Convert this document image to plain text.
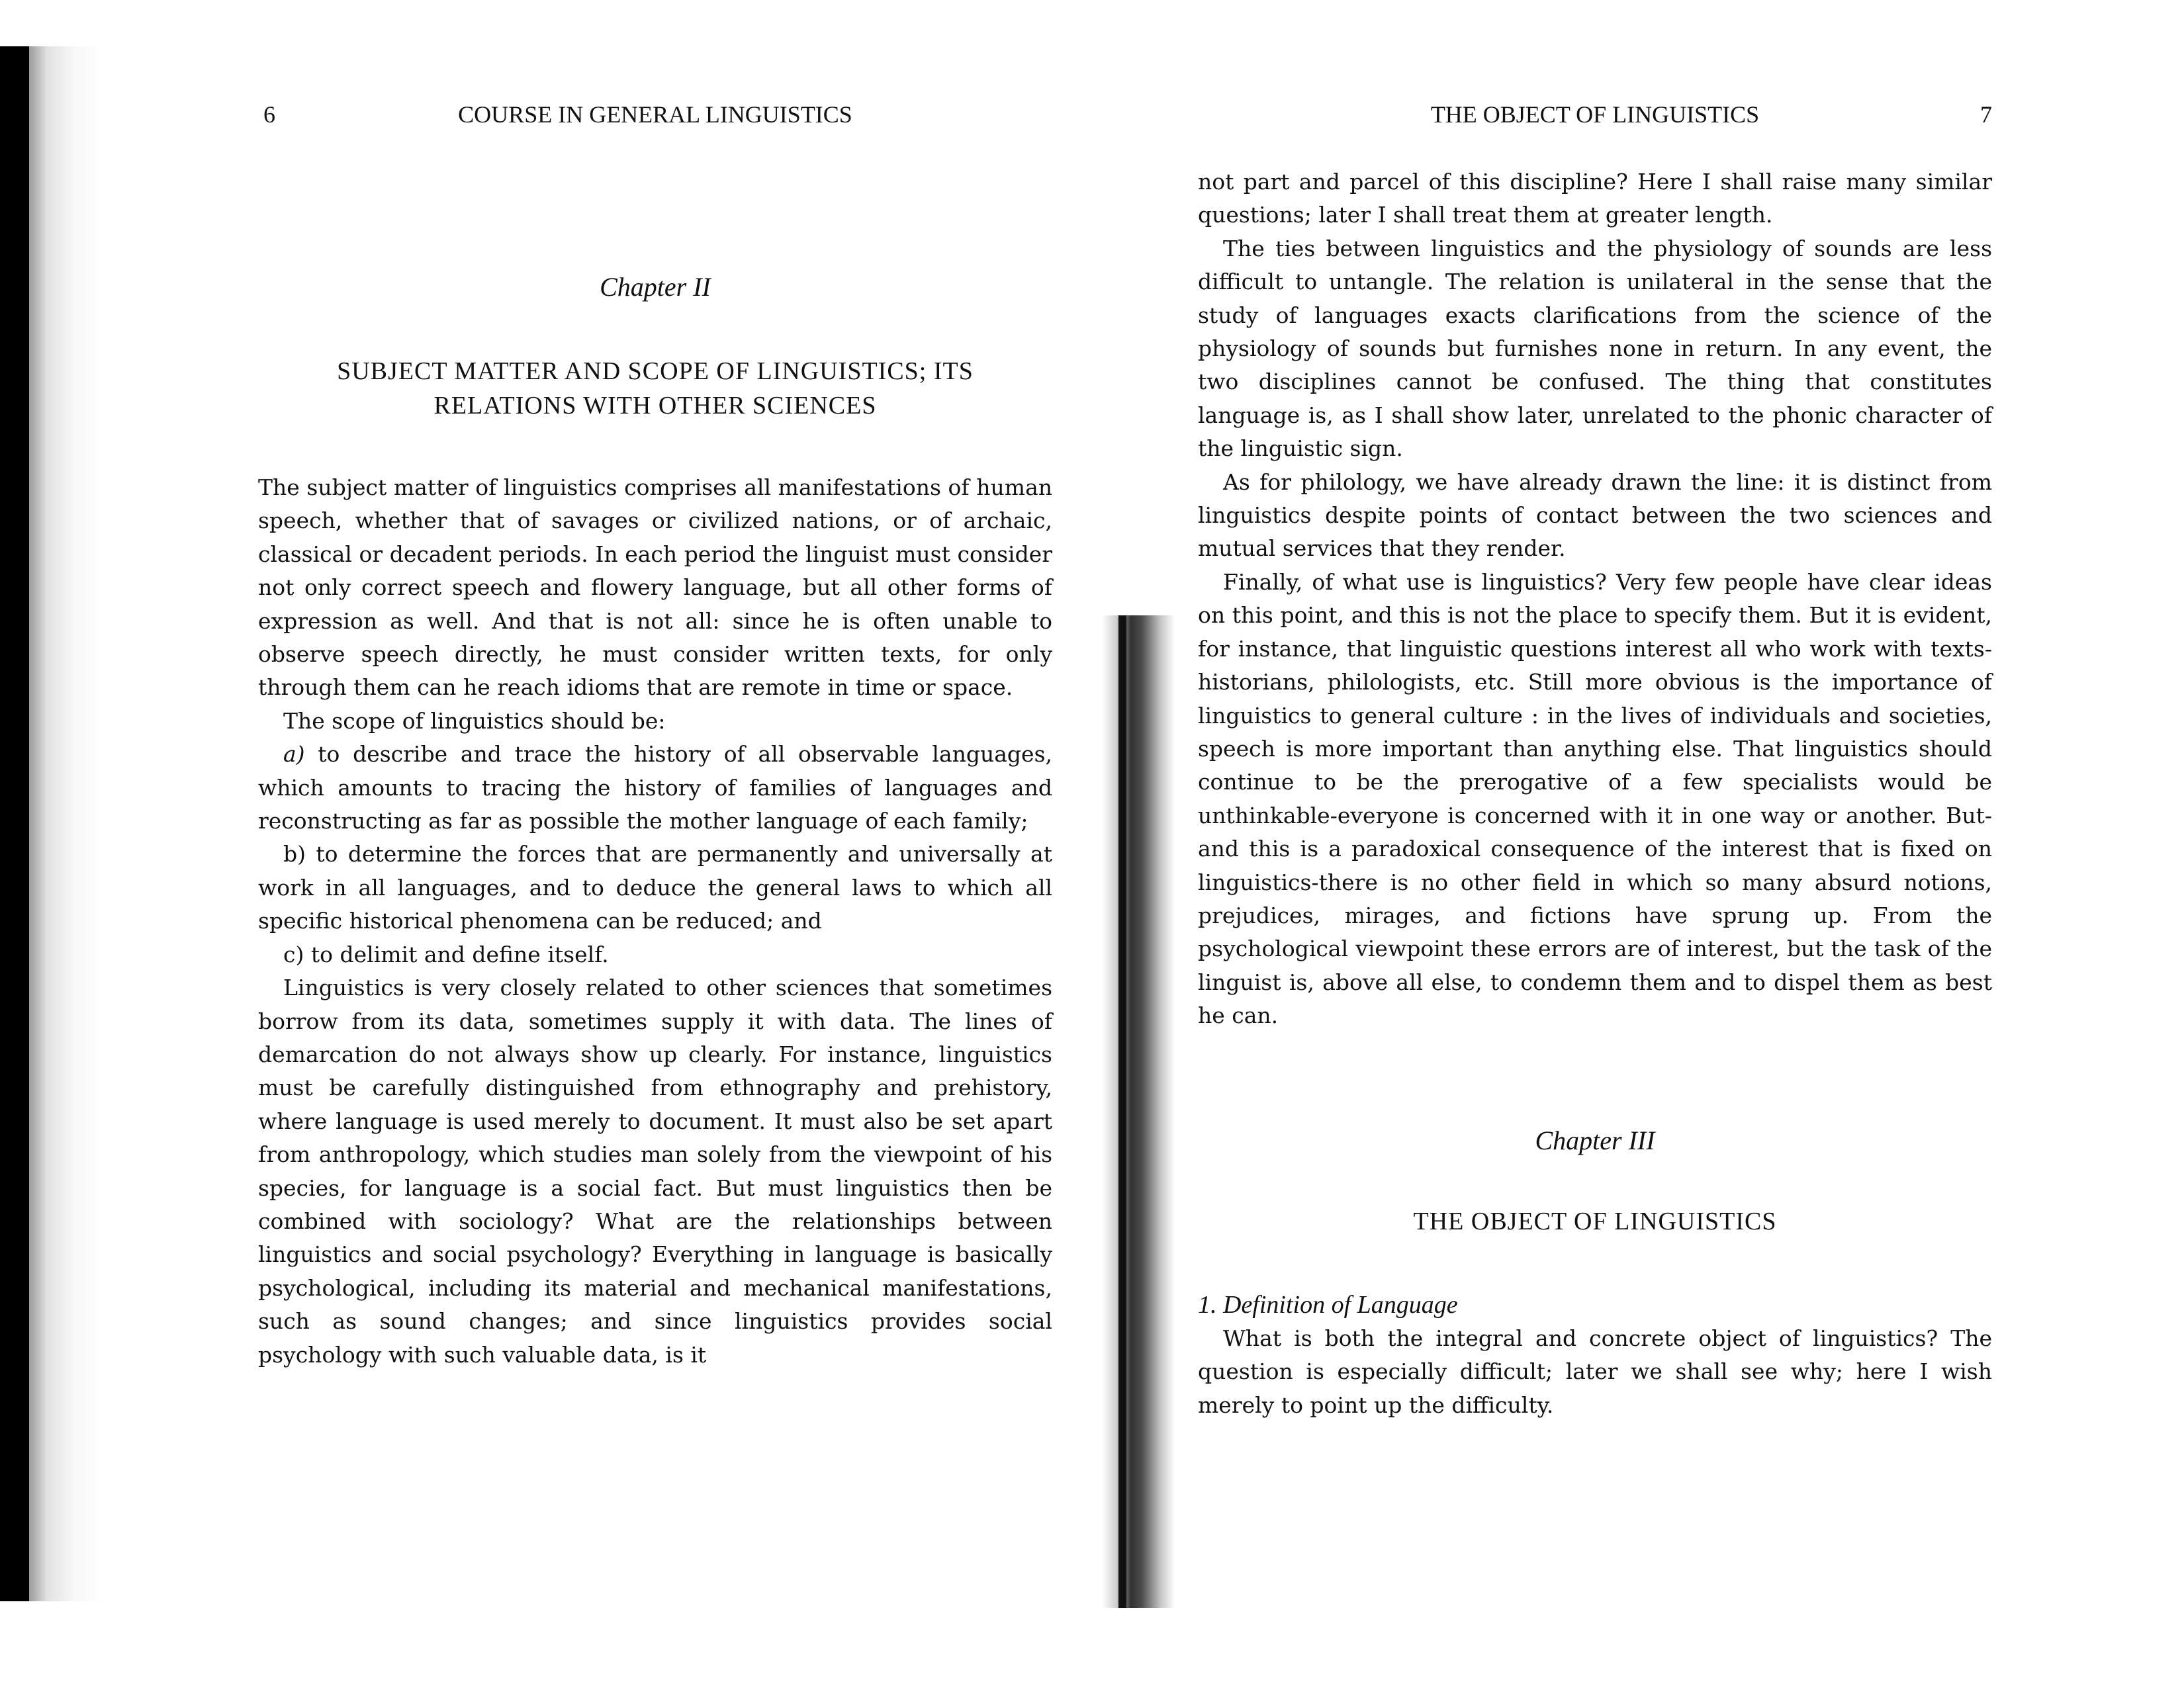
6	COURSE IN GENERAL LINGUISTICS
Chapter II
SUBJECT MATTER AND SCOPE OF LINGUISTICS; ITS
RELATIONS WITH OTHER SCIENCES

The subject matter of linguistics comprises all manifestations of human speech, whether that of savages or civilized nations, or of archaic, classical or decadent periods. In each period the linguist must consider not only correct speech and flowery language, but all other forms of expression as well. And that is not all: since he is often unable to observe speech directly, he must consider written texts, for only through them can he reach idioms that are remote in time or space.

The scope of linguistics should be:

a) to describe and trace the history of all observable languages, which amounts to tracing the history of families of languages and reconstructing as far as possible the mother language of each family;

b) to determine the forces that are permanently and universally at work in all languages, and to deduce the general laws to which all specific historical phenomena can be reduced; and

c) to delimit and define itself.

Linguistics is very closely related to other sciences that sometimes borrow from its data, sometimes supply it with data. The lines of demarcation do not always show up clearly. For instance, linguistics must be carefully distinguished from ethnography and prehistory, where language is used merely to document. It must also be set apart from anthropology, which studies man solely from the viewpoint of his species, for language is a social fact. But must linguistics then be combined with sociology? What are the relationships between linguistics and social psychology? Everything in language is basically psychological, including its material and mechanical manifestations, such as sound changes; and since linguistics provides social psychology with such valuable data, is it

THE OBJECT OF LINGUISTICS	7

not part and parcel of this discipline? Here I shall raise many similar questions; later I shall treat them at greater length.

The ties between linguistics and the physiology of sounds are less difficult to untangle. The relation is unilateral in the sense that the study of languages exacts clarifications from the science of the physiology of sounds but furnishes none in return. In any event, the two disciplines cannot be confused. The thing that constitutes language is, as I shall show later, unrelated to the phonic character of the linguistic sign.

As for philology, we have already drawn the line: it is distinct from linguistics despite points of contact between the two sciences and mutual services that they render.

Finally, of what use is linguistics? Very few people have clear ideas on this point, and this is not the place to specify them. But it is evident, for instance, that linguistic questions interest all who work with texts-historians, philologists, etc. Still more obvious is the importance of linguistics to general culture : in the lives of individuals and societies, speech is more important than anything else. That linguistics should continue to be the prerogative of a few specialists would be unthinkable-everyone is concerned with it in one way or another. But-and this is a paradoxical consequence of the interest that is fixed on linguistics-there is no other field in which so many absurd notions, prejudices, mirages, and fictions have sprung up. From the psychological viewpoint these errors are of interest, but the task of the linguist is, above all else, to condemn them and to dispel them as best he can.

Chapter III
THE OBJECT OF LINGUISTICS
1. Definition of Language

What is both the integral and concrete object of linguistics? The question is especially difficult; later we shall see why; here I wish merely to point up the difficulty.
